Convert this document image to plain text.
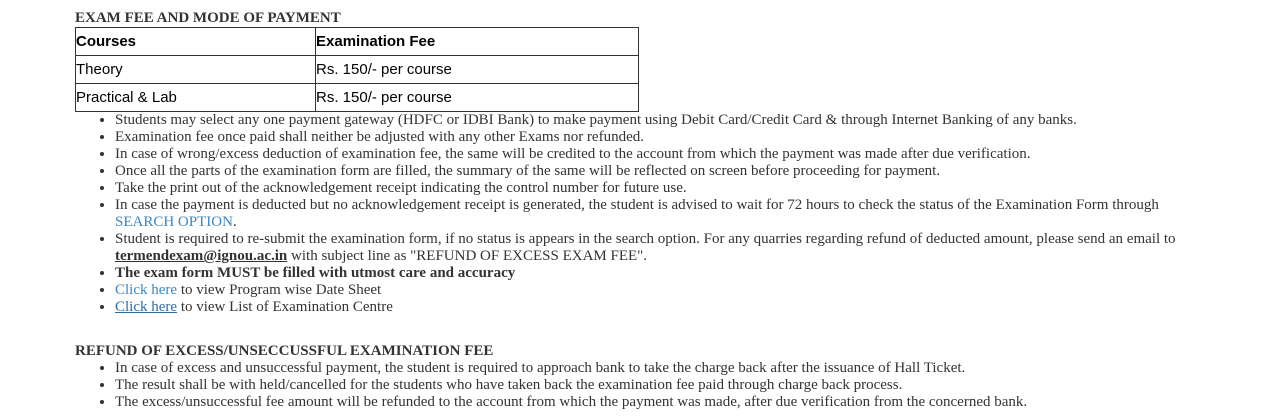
EXAM FEE AND MODE OF PAYMENT
Courses	Examination Fee
Theory	Rs. 150/- per course
Practical & Lab	Rs. 150/- per course
• Students may select any one payment gateway (HDFC or IDBI Bank) to make payment using Debit Card/Credit Card & through Internet Banking of any banks.
• Examination fee once paid shall neither be adjusted with any other Exams nor refunded.
• In case of wrong/excess deduction of examination fee, the same will be credited to the account from which the payment was made after due verification.
• Once all the parts of the examination form are filled, the summary of the same will be reflected on screen before proceeding for payment.
• Take the print out of the acknowledgement receipt indicating the control number for future use.
• In case the payment is deducted but no acknowledgement receipt is generated, the student is advised to wait for 72 hours to check the status of the Examination Form through SEARCH OPTION.
• Student is required to re-submit the examination form, if no status is appears in the search option. For any quarries regarding refund of deducted amount, please send an email to termendexam@ignou.ac.in with subject line as "REFUND OF EXCESS EXAM FEE".
• The exam form MUST be filled with utmost care and accuracy
• Click here to view Program wise Date Sheet
• Click here to view List of Examination Centre
REFUND OF EXCESS/UNSECCUSSFUL EXAMINATION FEE
• In case of excess and unsuccessful payment, the student is required to approach bank to take the charge back after the issuance of Hall Ticket.
• The result shall be with held/cancelled for the students who have taken back the examination fee paid through charge back process.
• The excess/unsuccessful fee amount will be refunded to the account from which the payment was made, after due verification from the concerned bank.
